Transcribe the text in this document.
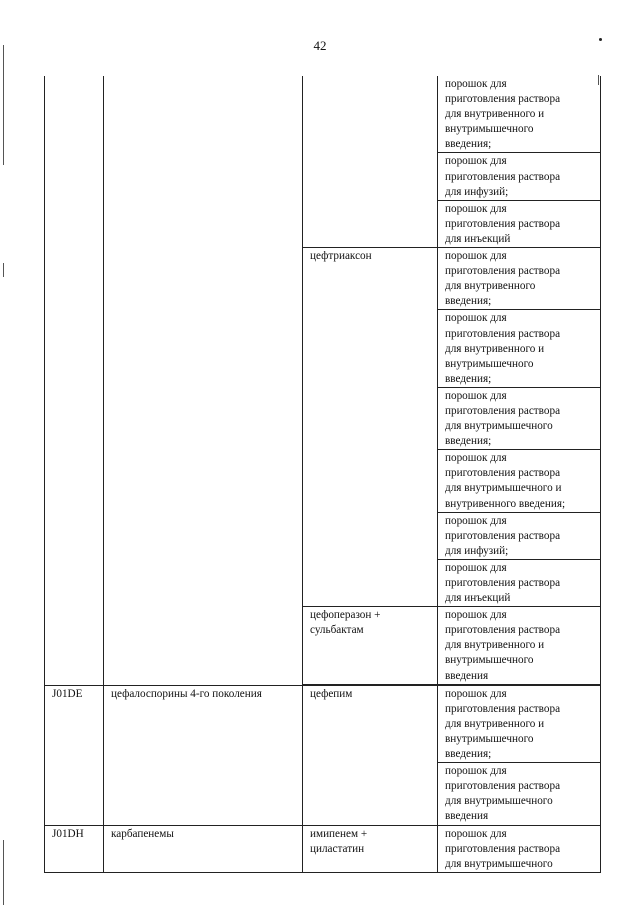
42
			порошок для
приготовления раствора
для внутривенного и
внутримышечного
введения;
			порошок для
приготовления раствора
для инфузий;
			порошок для
приготовления раствора
для инъекций
		цефтриаксон	порошок для
приготовления раствора
для внутривенного
введения;
			порошок для
приготовления раствора
для внутривенного и
внутримышечного
введения;
			порошок для
приготовления раствора
для внутримышечного
введения;
			порошок для
приготовления раствора
для внутримышечного и
внутривенного введения;
			порошок для
приготовления раствора
для инфузий;
			порошок для
приготовления раствора
для инъекций
		цефоперазон +
сульбактам	порошок для
приготовления раствора
для внутривенного и
внутримышечного
введения

J01DE	цефалоспорины 4-го поколения	цефепим	порошок для
приготовления раствора
для внутривенного и
внутримышечного
введения;
			порошок для
приготовления раствора
для внутримышечного
введения
J01DH	карбапенемы	имипенем +
циластатин	порошок для
приготовления раствора
для внутримышечного
